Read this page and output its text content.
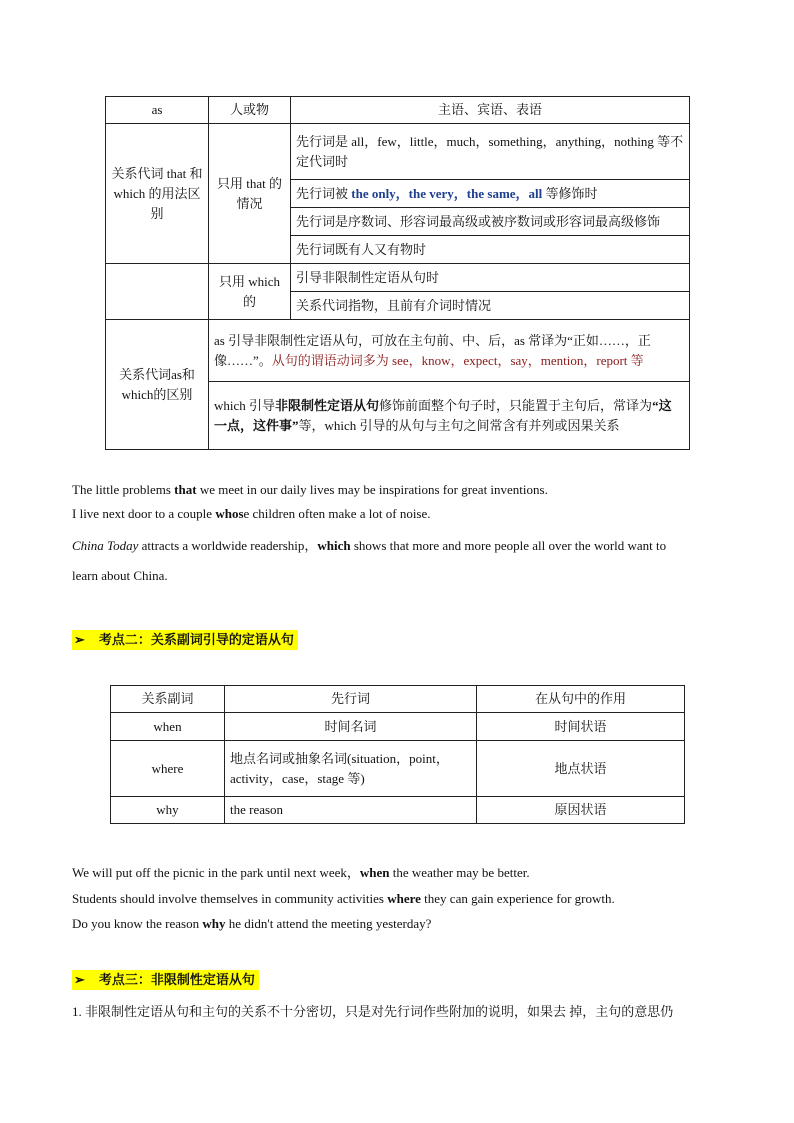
as	人或物	主语、宾语、表语
关系代词 that 和 which 的用法区别	只用 that 的情况	先行词是 all，few，little，much，something，anything，nothing 等不定代词时
		先行词被 the only，the very，the same，all 等修饰时
		先行词是序数词、形容词最高级或被序数词或形容词最高级修饰
		先行词既有人又有物时
	只用 which 的	引导非限制性定语从句时
		关系代词指物，且前有介词时情况
关系代词as和which的区别	as 引导非限制性定语从句，可放在主句前、中、后，as 常译为“正如……，正像……”。从句的谓语动词多为 see，know，expect，say，mention，report 等	
	which 引导非限制性定语从句修饰前面整个句子时，只能置于主句后，常译为“这一点，这件事”等，which 引导的从句与主句之间常含有并列或因果关系	
The little problems that we meet in our daily lives may be inspirations for great inventions.
I live next door to a couple whose children often make a lot of noise.
China Today attracts a worldwide readership，which shows that more and more people all over the world want to
learn about China.
➢ 考点二：关系副词引导的定语从句
关系副词	先行词	在从句中的作用
when	时间名词	时间状语
where	地点名词或抽象名词(situation，point，activity，case，stage 等)	地点状语
why	the reason	原因状语
We will put off the picnic in the park until next week，when the weather may be better.
Students should involve themselves in community activities where they can gain experience for growth.
Do you know the reason why he didn't attend the meeting yesterday?
➢ 考点三：非限制性定语从句
1. 非限制性定语从句和主句的关系不十分密切，只是对先行词作些附加的说明，如果去 掉，主句的意思仍
